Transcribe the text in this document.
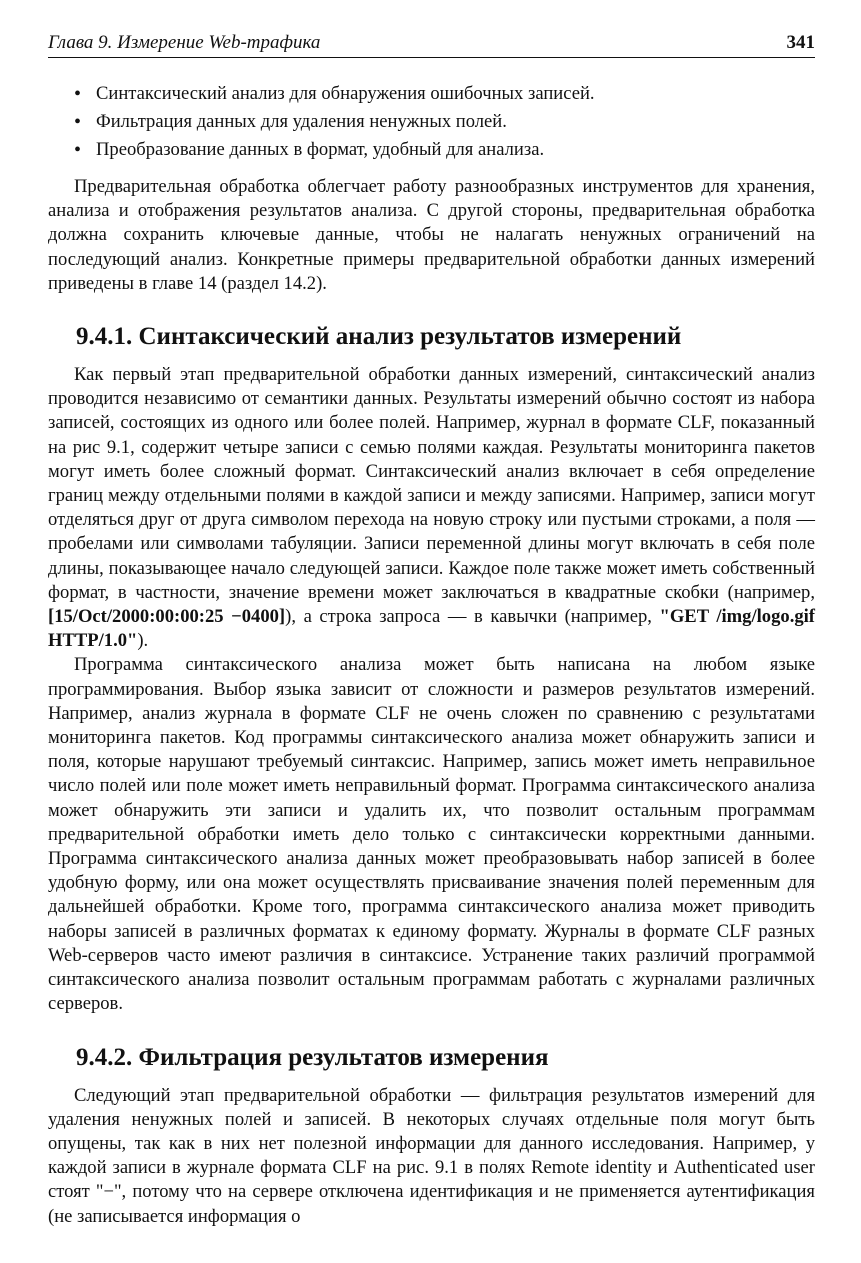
Глава 9. Измерение Web-трафика	341
• Синтаксический анализ для обнаружения ошибочных записей.
• Фильтрация данных для удаления ненужных полей.
• Преобразование данных в формат, удобный для анализа.

Предварительная обработка облегчает работу разнообразных инструментов для хранения, анализа и отображения результатов анализа. С другой стороны, предварительная обработка должна сохранить ключевые данные, чтобы не налагать ненужных ограничений на последующий анализ. Конкретные примеры предварительной обработки данных измерений приведены в главе 14 (раздел 14.2).

9.4.1. Синтаксический анализ результатов измерений

Как первый этап предварительной обработки данных измерений, синтаксический анализ проводится независимо от семантики данных. Результаты измерений обычно состоят из набора записей, состоящих из одного или более полей. Например, журнал в формате CLF, показанный на рис 9.1, содержит четыре записи с семью полями каждая. Результаты мониторинга пакетов могут иметь более сложный формат. Синтаксический анализ включает в себя определение границ между отдельными полями в каждой записи и между записями. Например, записи могут отделяться друг от друга символом перехода на новую строку или пустыми строками, а поля — пробелами или символами табуляции. Записи переменной длины могут включать в себя поле длины, показывающее начало следующей записи. Каждое поле также может иметь собственный формат, в частности, значение времени может заключаться в квадратные скобки (например, [15/Oct/2000:00:00:25 −0400]), а строка запроса — в кавычки (например, "GET /img/logo.gif HTTP/1.0").

Программа синтаксического анализа может быть написана на любом языке программирования. Выбор языка зависит от сложности и размеров результатов измерений. Например, анализ журнала в формате CLF не очень сложен по сравнению с результатами мониторинга пакетов. Код программы синтаксического анализа может обнаружить записи и поля, которые нарушают требуемый синтаксис. Например, запись может иметь неправильное число полей или поле может иметь неправильный формат. Программа синтаксического анализа может обнаружить эти записи и удалить их, что позволит остальным программам предварительной обработки иметь дело только с синтаксически корректными данными. Программа синтаксического анализа данных может преобразовывать набор записей в более удобную форму, или она может осуществлять присваивание значения полей переменным для дальнейшей обработки. Кроме того, программа синтаксического анализа может приводить наборы записей в различных форматах к единому формату. Журналы в формате CLF разных Web-серверов часто имеют различия в синтаксисе. Устранение таких различий программой синтаксического анализа позволит остальным программам работать с журналами различных серверов.

9.4.2. Фильтрация результатов измерения

Следующий этап предварительной обработки — фильтрация результатов измерений для удаления ненужных полей и записей. В некоторых случаях отдельные поля могут быть опущены, так как в них нет полезной информации для данного исследования. Например, у каждой записи в журнале формата CLF на рис. 9.1 в полях Remote identity и Authenticated user стоят "−", потому что на сервере отключена идентификация и не применяется аутентификация (не записывается информация о
